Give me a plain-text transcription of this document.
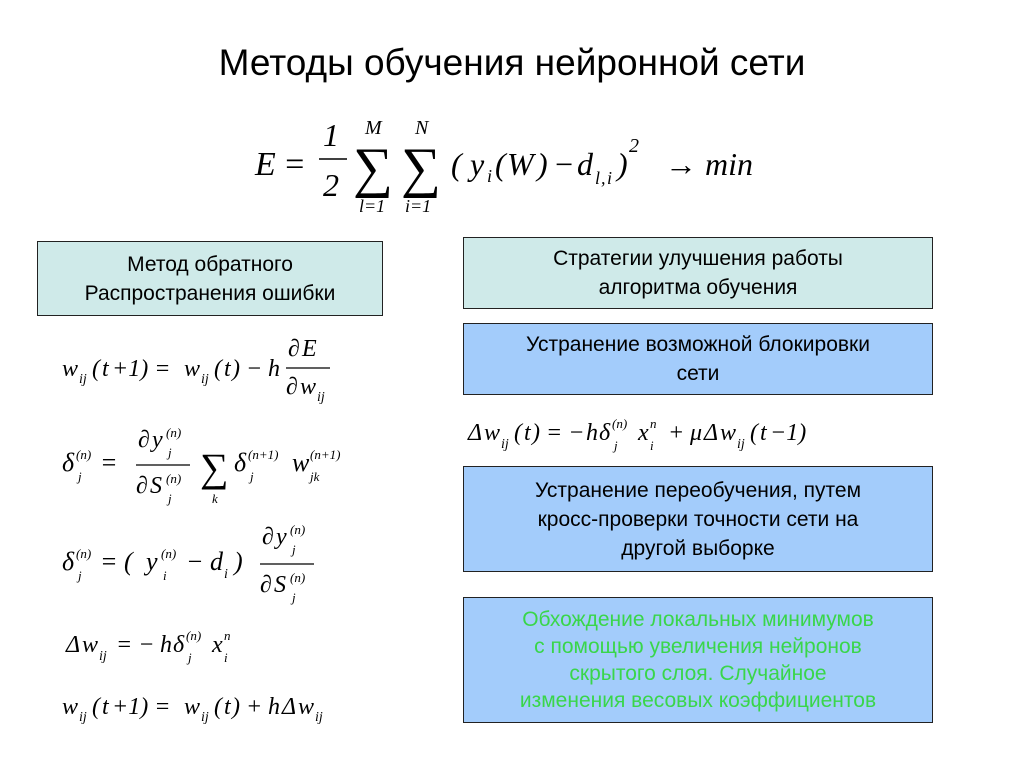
Методы обучения нейронной сети
E =
1
2
M
∑
l=1
N
∑
i=1
( y i ( W ) − d l , i ) 2 → min
Метод обратного
Распространения ошибки
w ij ( t +1) = w ij ( t ) − h
∂ E
∂ w ij
δ (n)
j =
∂ y (n)
j
∂ S (n)
j
∑
k
δ (n+1)
j w (n+1)
jk
δ (n)
j = ( y (n)
i − d i )
∂ y (n)
j
∂ S (n)
j
Δ w ij = − h δ (n)
j x n
i
w ij ( t +1) = w ij ( t ) + h Δ w ij
Стратегии улучшения работы
алгоритма обучения
Устранение возможной блокировки
сети
Δ w ij ( t ) = − h δ (n)
j x n
i + μ Δ w ij ( t −1)
Устранение переобучения, путем
кросс-проверки точности сети на
другой выборке
Обхождение локальных минимумов
с помощью увеличения нейронов
скрытого слоя. Случайное
изменения весовых коэффициентов
